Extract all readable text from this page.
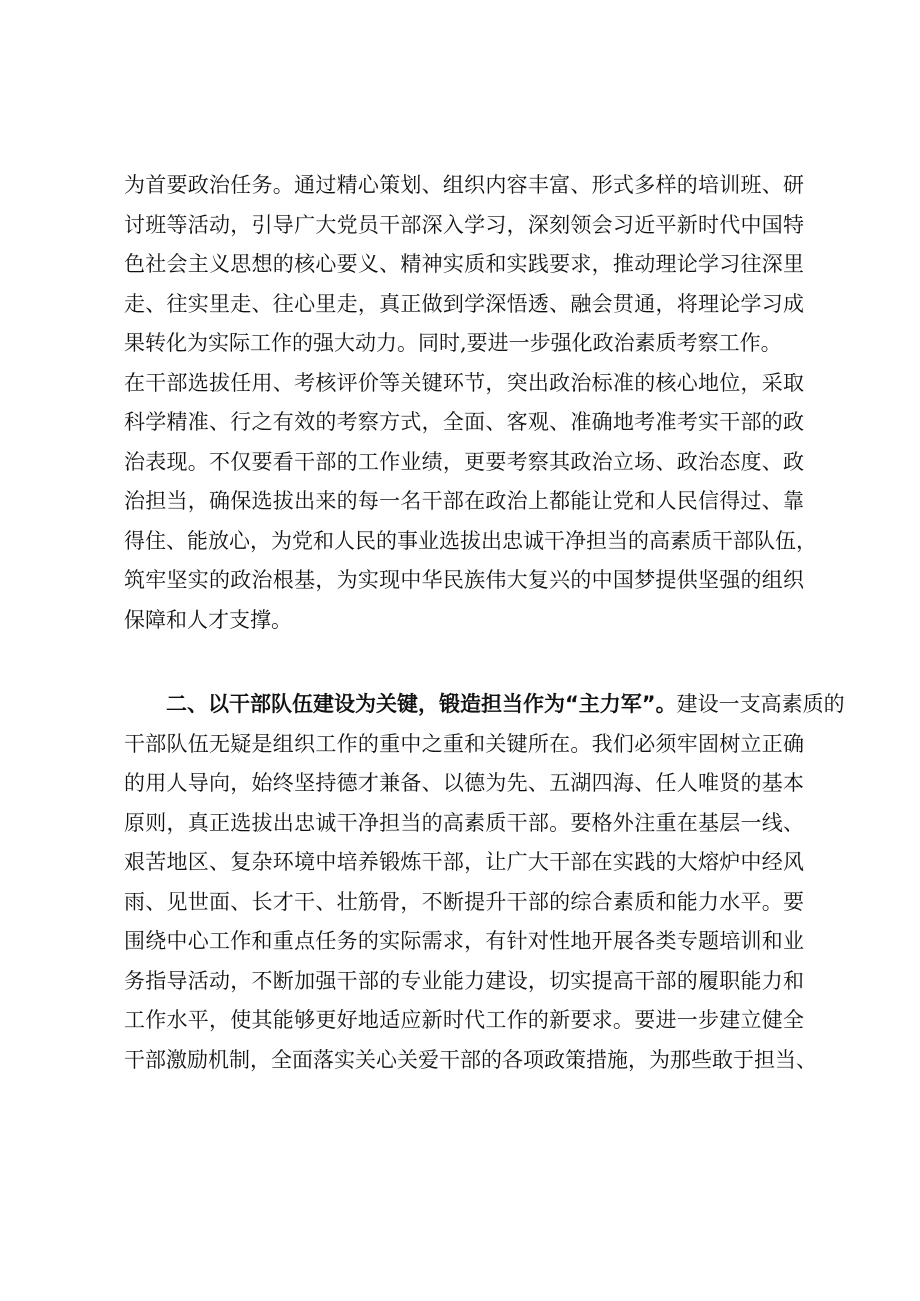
为首要政治任务。通过精心策划、组织内容丰富、形式多样的培训班、研
讨班等活动，引导广大党员干部深入学习，深刻领会习近平新时代中国特
色社会主义思想的核心要义、精神实质和实践要求，推动理论学习往深里
走、往实里走、往心里走，真正做到学深悟透、融会贯通，将理论学习成
果转化为实际工作的强大动力。同时,要进一步强化政治素质考察工作。
在干部选拔任用、考核评价等关键环节，突出政治标准的核心地位，采取
科学精准、行之有效的考察方式，全面、客观、准确地考准考实干部的政
治表现。不仅要看干部的工作业绩，更要考察其政治立场、政治态度、政
治担当，确保选拔出来的每一名干部在政治上都能让党和人民信得过、靠
得住、能放心，为党和人民的事业选拔出忠诚干净担当的高素质干部队伍，
筑牢坚实的政治根基，为实现中华民族伟大复兴的中国梦提供坚强的组织
保障和人才支撑。
二、以干部队伍建设为关键，锻造担当作为“主力军”。建设一支高素质的
干部队伍无疑是组织工作的重中之重和关键所在。我们必须牢固树立正确
的用人导向，始终坚持德才兼备、以德为先、五湖四海、任人唯贤的基本
原则，真正选拔出忠诚干净担当的高素质干部。要格外注重在基层一线、
艰苦地区、复杂环境中培养锻炼干部，让广大干部在实践的大熔炉中经风
雨、见世面、长才干、壮筋骨，不断提升干部的综合素质和能力水平。要
围绕中心工作和重点任务的实际需求，有针对性地开展各类专题培训和业
务指导活动，不断加强干部的专业能力建设，切实提高干部的履职能力和
工作水平，使其能够更好地适应新时代工作的新要求。要进一步建立健全
干部激励机制，全面落实关心关爱干部的各项政策措施，为那些敢于担当、
